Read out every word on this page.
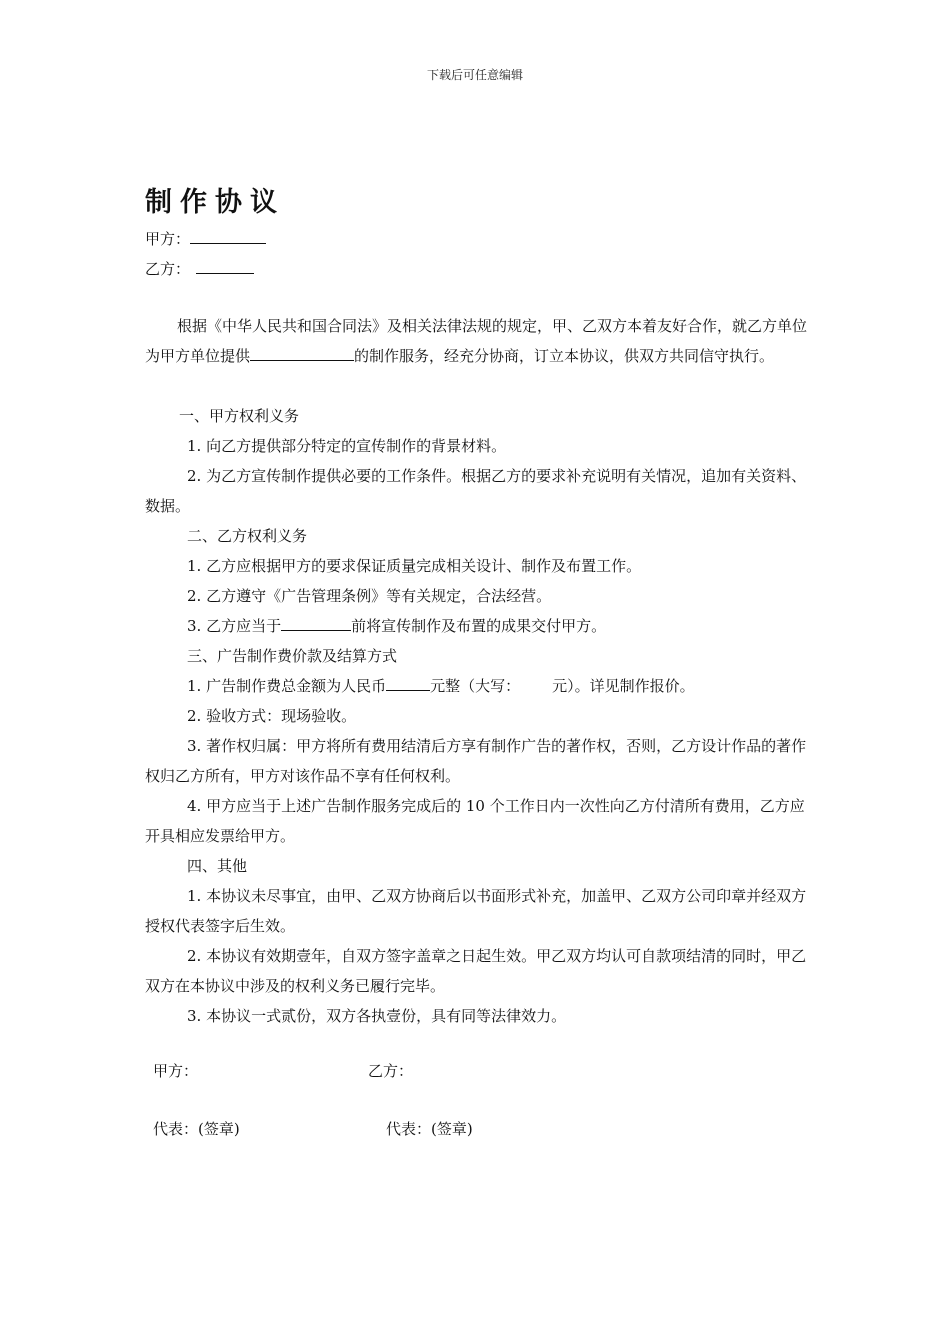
下载后可任意编辑
制作协议
甲方：
乙方：
根据《中华人民共和国合同法》及相关法律法规的规定，甲、乙双方本着友好合作，就乙方单位为甲方单位提供	的制作服务，经充分协商，订立本协议，供双方共同信守执行。
一、甲方权利义务
1. 向乙方提供部分特定的宣传制作的背景材料。
2. 为乙方宣传制作提供必要的工作条件。根据乙方的要求补充说明有关情况，追加有关资料、数据。
二、乙方权利义务
1. 乙方应根据甲方的要求保证质量完成相关设计、制作及布置工作。
2. 乙方遵守《广告管理条例》等有关规定，合法经营。
3. 乙方应当于	前将宣传制作及布置的成果交付甲方。
三、广告制作费价款及结算方式
1. 广告制作费总金额为人民币	元整（大写： 元）。详见制作报价。
2. 验收方式：现场验收。
3. 著作权归属：甲方将所有费用结清后方享有制作广告的著作权，否则，乙方设计作品的著作权归乙方所有，甲方对该作品不享有任何权利。
4. 甲方应当于上述广告制作服务完成后的 10 个工作日内一次性向乙方付清所有费用，乙方应开具相应发票给甲方。
四、其他
1. 本协议未尽事宜，由甲、乙双方协商后以书面形式补充，加盖甲、乙双方公司印章并经双方授权代表签字后生效。
2. 本协议有效期壹年，自双方签字盖章之日起生效。甲乙双方均认可自款项结清的同时，甲乙双方在本协议中涉及的权利义务已履行完毕。
3. 本协议一式贰份，双方各执壹份，具有同等法律效力。
甲方：	乙方：
代表：(签章)	代表：(签章)
